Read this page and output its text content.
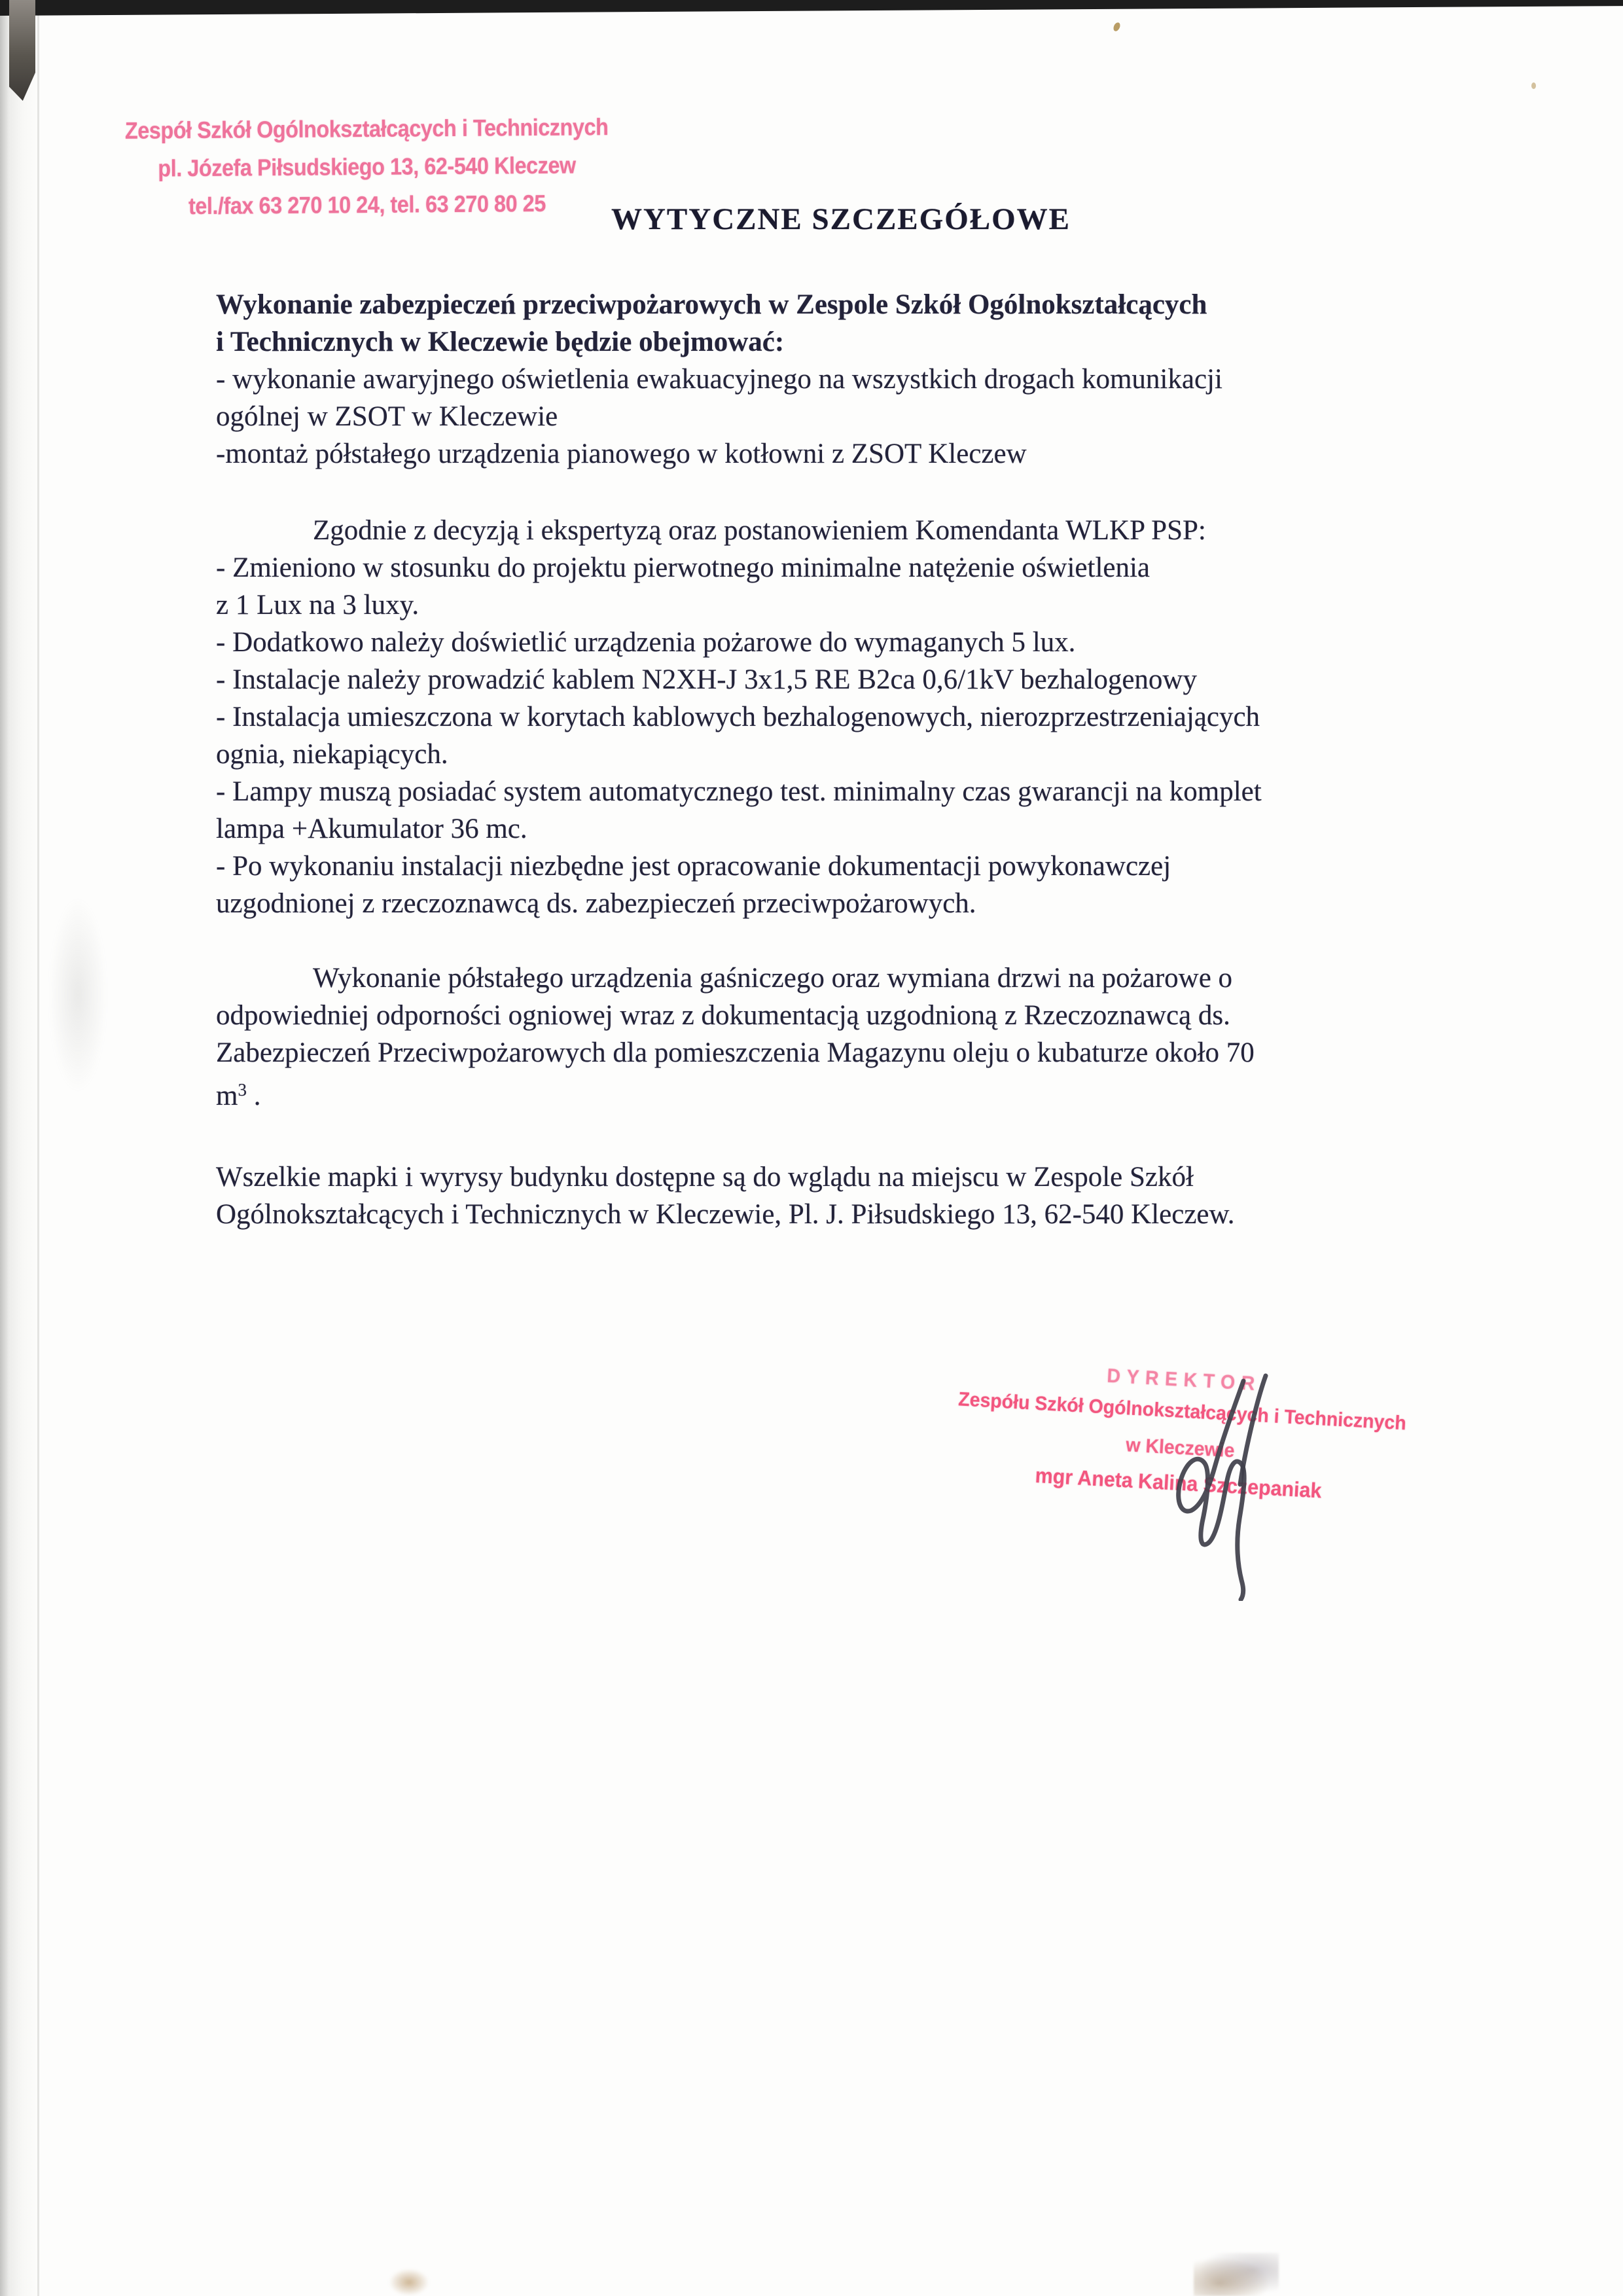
Zespół Szkół Ogólnokształcących i Technicznych
pl. Józefa Piłsudskiego 13, 62-540 Kleczew
tel./fax 63 270 10 24, tel. 63 270 80 25	WYTYCZNE SZCZEGÓŁOWE
Wykonanie zabezpieczeń przeciwpożarowych w Zespole Szkół Ogólnokształcących
i Technicznych w Kleczewie będzie obejmować:
- wykonanie awaryjnego oświetlenia ewakuacyjnego na wszystkich drogach komunikacji
ogólnej w ZSOT w Kleczewie
-montaż półstałego urządzenia pianowego w kotłowni z ZSOT Kleczew
Zgodnie z decyzją i ekspertyzą oraz postanowieniem Komendanta WLKP PSP:
- Zmieniono w stosunku do projektu pierwotnego minimalne natężenie oświetlenia
z 1 Lux na 3 luxy.
- Dodatkowo należy doświetlić urządzenia pożarowe do wymaganych 5 lux.
- Instalacje należy prowadzić kablem N2XH-J 3x1,5 RE B2ca 0,6/1kV bezhalogenowy
- Instalacja umieszczona w korytach kablowych bezhalogenowych, nierozprzestrzeniających
ognia, niekapiących.
- Lampy muszą posiadać system automatycznego test. minimalny czas gwarancji na komplet
lampa +Akumulator 36 mc.
- Po wykonaniu instalacji niezbędne jest opracowanie dokumentacji powykonawczej
uzgodnionej z rzeczoznawcą ds. zabezpieczeń przeciwpożarowych.
Wykonanie półstałego urządzenia gaśniczego oraz wymiana drzwi na pożarowe o
odpowiedniej odporności ogniowej wraz z dokumentacją uzgodnioną z Rzeczoznawcą ds.
Zabezpieczeń Przeciwpożarowych dla pomieszczenia Magazynu oleju o kubaturze około 70
$m^3$ .
Wszelkie mapki i wyrysy budynku dostępne są do wglądu na miejscu w Zespole Szkół
Ogólnokształcących i Technicznych w Kleczewie, Pl. J. Piłsudskiego 13, 62-540 Kleczew.
DYREKTOR
Zespółu Szkół Ogólnokształcących i Technicznych
w Kleczewie
mgr Aneta Kalina Szczepaniak
